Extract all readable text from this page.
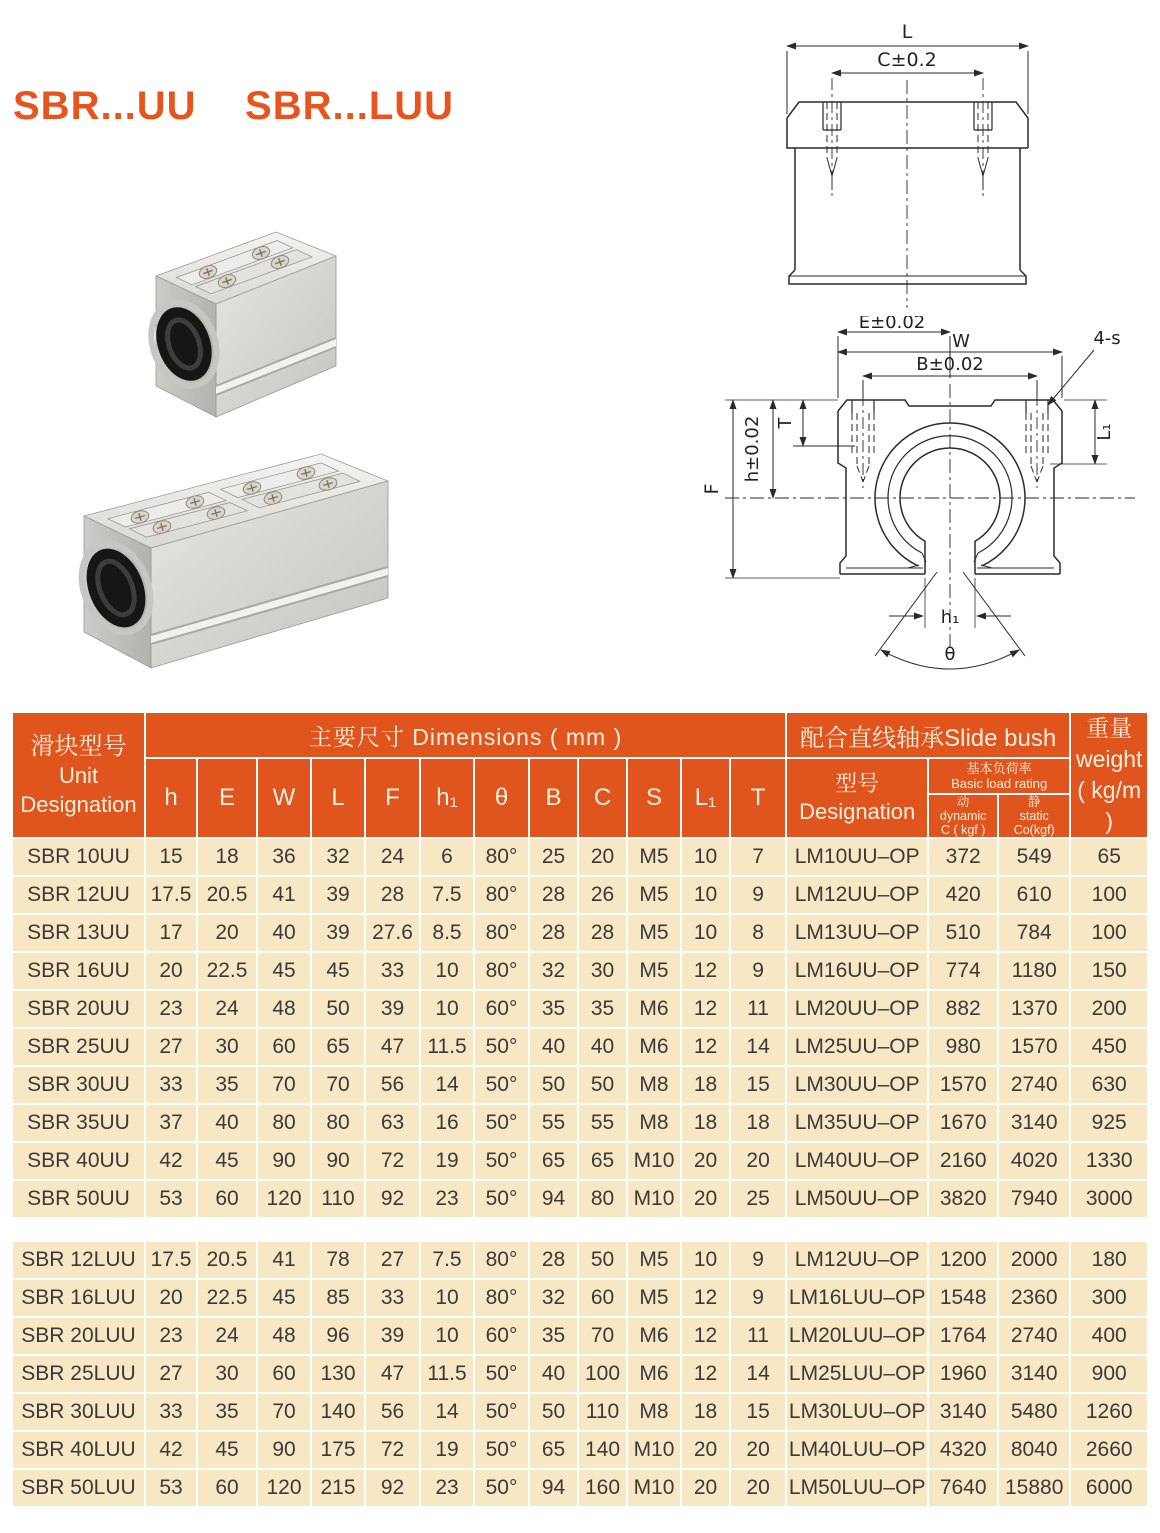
SBR...UU    SBR...LUU
L
C±0.2
E±0.02
W
B±0.02
4-s
T
h±0.02
F
L₁
h₁
θ
滑块型号
Unit
Designation	主要尺寸 Dimensions ( mm )												配合直线轴承Slide bush			重量
weight
( kg/m )

	h	E	W	L	F	h₁	θ	B	C	S	L₁	T	型号
Designation	基本负荷率
Basic load rating		

														动
dynamic
C ( kgf )	静
static
Co(kgf)	

SBR 10UU	15	18	36	32	24	6	80°	25	20	M5	10	7	LM10UU–OP	372	549	65
SBR 12UU	17.5	20.5	41	39	28	7.5	80°	28	26	M5	10	9	LM12UU–OP	420	610	100
SBR 13UU	17	20	40	39	27.6	8.5	80°	28	28	M5	10	8	LM13UU–OP	510	784	100
SBR 16UU	20	22.5	45	45	33	10	80°	32	30	M5	12	9	LM16UU–OP	774	1180	150
SBR 20UU	23	24	48	50	39	10	60°	35	35	M6	12	11	LM20UU–OP	882	1370	200
SBR 25UU	27	30	60	65	47	11.5	50°	40	40	M6	12	14	LM25UU–OP	980	1570	450
SBR 30UU	33	35	70	70	56	14	50°	50	50	M8	18	15	LM30UU–OP	1570	2740	630
SBR 35UU	37	40	80	80	63	16	50°	55	55	M8	18	18	LM35UU–OP	1670	3140	925
SBR 40UU	42	45	90	90	72	19	50°	65	65	M10	20	20	LM40UU–OP	2160	4020	1330
SBR 50UU	53	60	120	110	92	23	50°	94	80	M10	20	25	LM50UU–OP	3820	7940	3000

SBR 12LUU	17.5	20.5	41	78	27	7.5	80°	28	50	M5	10	9	LM12UU–OP	1200	2000	180
SBR 16LUU	20	22.5	45	85	33	10	80°	32	60	M5	12	9	LM16LUU–OP	1548	2360	300
SBR 20LUU	23	24	48	96	39	10	60°	35	70	M6	12	11	LM20LUU–OP	1764	2740	400
SBR 25LUU	27	30	60	130	47	11.5	50°	40	100	M6	12	14	LM25LUU–OP	1960	3140	900
SBR 30LUU	33	35	70	140	56	14	50°	50	110	M8	18	15	LM30LUU–OP	3140	5480	1260
SBR 40LUU	42	45	90	175	72	19	50°	65	140	M10	20	20	LM40LUU–OP	4320	8040	2660
SBR 50LUU	53	60	120	215	92	23	50°	94	160	M10	20	20	LM50LUU–OP	7640	15880	6000
